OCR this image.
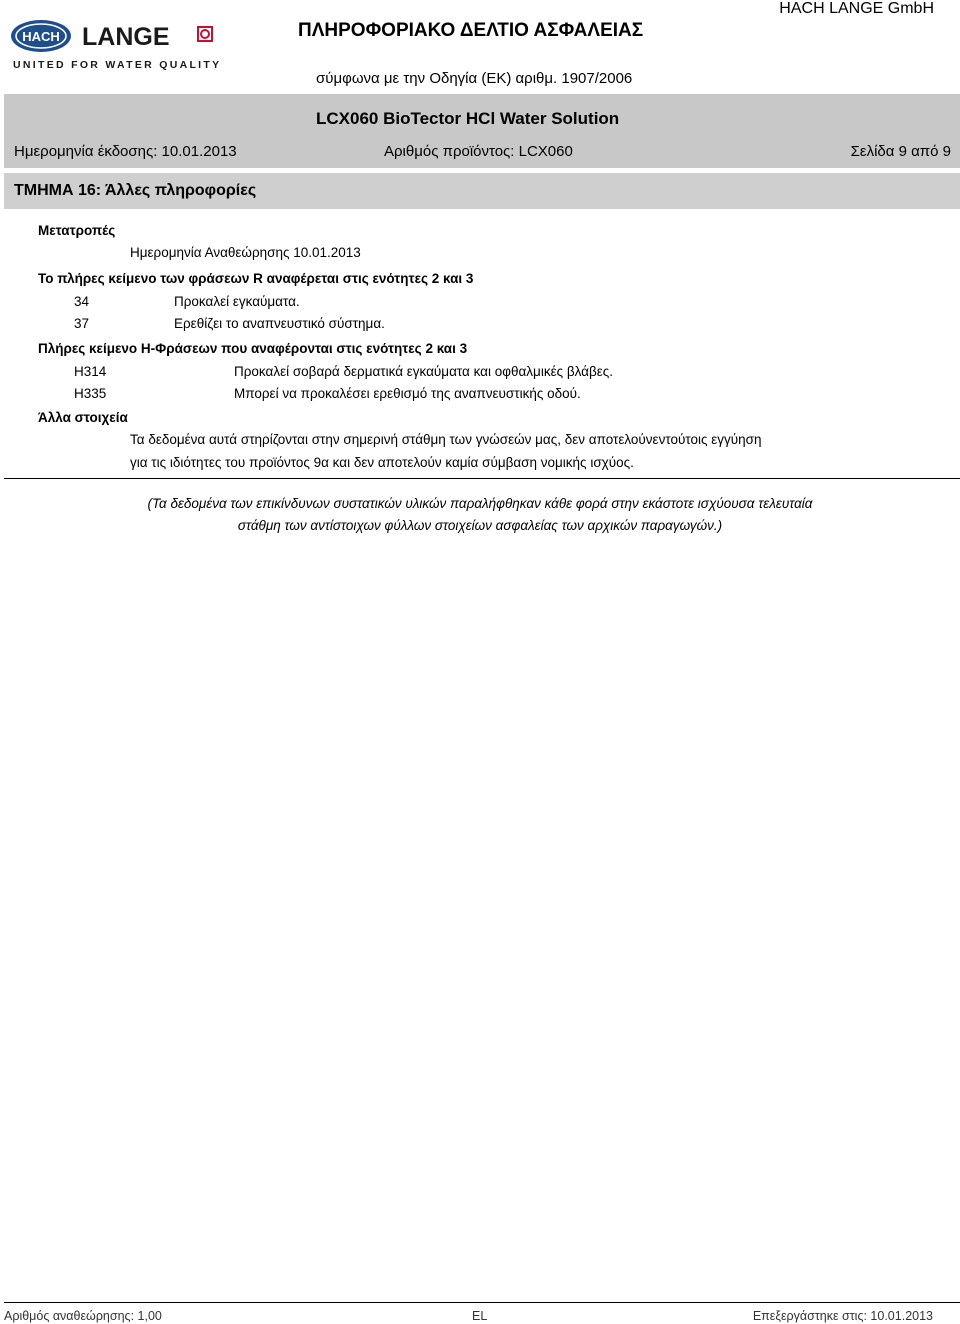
HACH LANGE
UNITED FOR WATER QUALITY
ΠΛΗΡΟΦΟΡΙΑΚΟ ΔΕΛΤΙΟ ΑΣΦΑΛΕΙΑΣ
HACH LANGE GmbH
σύμφωνα με την Οδηγία (ΕΚ) αριθμ. 1907/2006
LCX060 BioTector HCl Water Solution
Ημερομηνία έκδοσης: 10.01.2013	Αριθμός προϊόντος: LCX060	Σελίδα 9 από 9
ΤΜΗΜΑ 16: Άλλες πληροφορίες
Μετατροπές
Ημερομηνία Αναθεώρησης 10.01.2013
Το πλήρες κείμενο των φράσεων R αναφέρεται στις ενότητες 2 και 3
34	Προκαλεί εγκαύματα.
37	Ερεθίζει το αναπνευστικό σύστημα.
Πλήρες κείμενο Η-Φράσεων που αναφέρονται στις ενότητες 2 και 3
H314	Προκαλεί σοβαρά δερματικά εγκαύματα και οφθαλμικές βλάβες.
H335	Μπορεί να προκαλέσει ερεθισμό της αναπνευστικής οδού.
Άλλα στοιχεία
Τα δεδομένα αυτά στηρίζονται στην σημερινή στάθμη των γνώσεών μας, δεν αποτελούνεντούτοις εγγύηση
για τις ιδιότητες του προϊόντος 9α και δεν αποτελούν καμία σύμβαση νομικής ισχύος.
(Τα δεδομένα των επικίνδυνων συστατικών υλικών παραλήφθηκαν κάθε φορά στην εκάστοτε ισχύουσα τελευταία
στάθμη των αντίστοιχων φύλλων στοιχείων ασφαλείας των αρχικών παραγωγών.)
Αριθμός αναθεώρησης: 1,00	EL	Επεξεργάστηκε στις: 10.01.2013
